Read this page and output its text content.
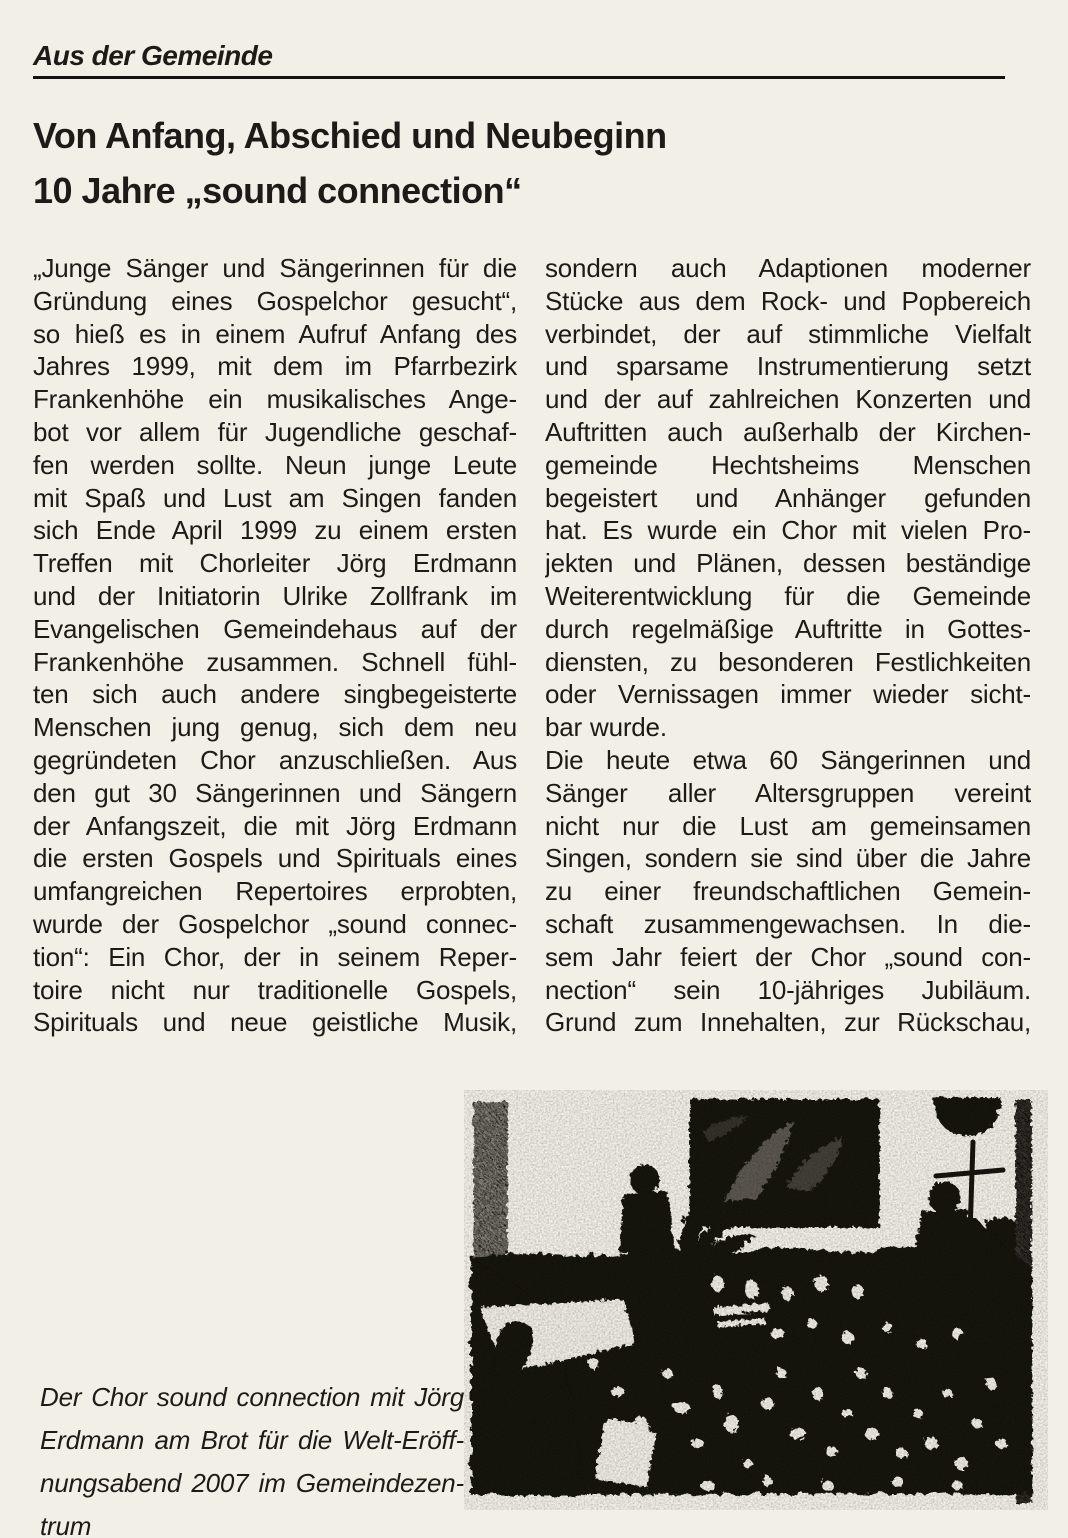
Aus der Gemeinde
Von Anfang, Abschied und Neubeginn
10 Jahre „sound connection“
„Junge Sänger und Sängerinnen für die
Gründung eines Gospelchor gesucht“,
so hieß es in einem Aufruf Anfang des
Jahres 1999, mit dem im Pfarrbezirk
Frankenhöhe ein musikalisches Ange-
bot vor allem für Jugendliche geschaf-
fen werden sollte. Neun junge Leute
mit Spaß und Lust am Singen fanden
sich Ende April 1999 zu einem ersten
Treffen mit Chorleiter Jörg Erdmann
und der Initiatorin Ulrike Zollfrank im
Evangelischen Gemeindehaus auf der
Frankenhöhe zusammen. Schnell fühl-
ten sich auch andere singbegeisterte
Menschen jung genug, sich dem neu
gegründeten Chor anzuschließen. Aus
den gut 30 Sängerinnen und Sängern
der Anfangszeit, die mit Jörg Erdmann
die ersten Gospels und Spirituals eines
umfangreichen Repertoires erprobten,
wurde der Gospelchor „sound connec-
tion“: Ein Chor, der in seinem Reper-
toire nicht nur traditionelle Gospels,
Spirituals und neue geistliche Musik,
sondern auch Adaptionen moderner
Stücke aus dem Rock- und Popbereich
verbindet, der auf stimmliche Vielfalt
und sparsame Instrumentierung setzt
und der auf zahlreichen Konzerten und
Auftritten auch außerhalb der Kirchen-
gemeinde Hechtsheims Menschen
begeistert und Anhänger gefunden
hat. Es wurde ein Chor mit vielen Pro-
jekten und Plänen, dessen beständige
Weiterentwicklung für die Gemeinde
durch regelmäßige Auftritte in Gottes-
diensten, zu besonderen Festlichkeiten
oder Vernissagen immer wieder sicht-
bar wurde.
Die heute etwa 60 Sängerinnen und
Sänger aller Altersgruppen vereint
nicht nur die Lust am gemeinsamen
Singen, sondern sie sind über die Jahre
zu einer freundschaftlichen Gemein-
schaft zusammengewachsen. In die-
sem Jahr feiert der Chor „sound con-
nection“ sein 10-jähriges Jubiläum.
Grund zum Innehalten, zur Rückschau,
Der Chor sound connection mit Jörg
Erdmann am Brot für die Welt-Eröff-
nungsabend 2007 im Gemeindezen-
trum
